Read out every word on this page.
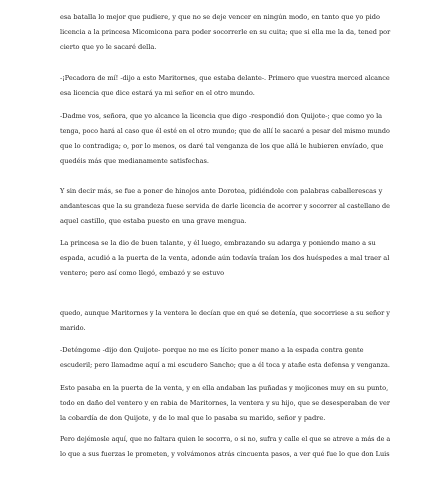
esa batalla lo mejor que pudiere, y que no se deje vencer en ningún modo, en tanto que yo pido
licencia a la princesa Micomicona para poder socorrerle en su cuita; que si ella me la da, tened por
cierto que yo le sacaré della.

-¡Pecadora de mí! -dijo a esto Maritornes, que estaba delante-. Primero que vuestra merced alcance
esa licencia que dice estará ya mi señor en el otro mundo.

-Dadme vos, señora, que yo alcance la licencia que digo -respondió don Quijote-; que como yo la
tenga, poco hará al caso que él esté en el otro mundo; que de allí le sacaré a pesar del mismo mundo
que lo contradiga; o, por lo menos, os daré tal venganza de los que allá le hubieren envíado, que
quedéis más que medianamente satisfechas.

Y sin decir más, se fue a poner de hinojos ante Dorotea, pidiéndole con palabras caballerescas y
andantescas que la su grandeza fuese servida de darle licencia de acorrer y socorrer al castellano de
aquel castillo, que estaba puesto en una grave mengua.

La princesa se la dio de buen talante, y él luego, embrazando su adarga y poniendo mano a su
espada, acudió a la puerta de la venta, adonde aún todavía traían los dos huéspedes a mal traer al
ventero; pero así como llegó, embazó y se estuvo

quedo, aunque Maritornes y la ventera le decían que en qué se detenía, que socorriese a su señor y
marido.

-Deténgome -dijo don Quijote- porque no me es lícito poner mano a la espada contra gente
escuderil; pero llamadme aquí a mi escudero Sancho; que a él toca y atañe esta defensa y venganza.

Esto pasaba en la puerta de la venta, y en ella andaban las puñadas y mojicones muy en su punto,
todo en daño del ventero y en rabia de Maritornes, la ventera y su hijo, que se desesperaban de ver
la cobardía de don Quijote, y de lo mal que lo pasaba su marido, señor y padre.

Pero dejémosle aquí, que no faltara quien le socorra, o si no, sufra y calle el que se atreve a más de a
lo que a sus fuerzas le prometen, y volvámonos atrás cincuenta pasos, a ver qué fue lo que don Luis
